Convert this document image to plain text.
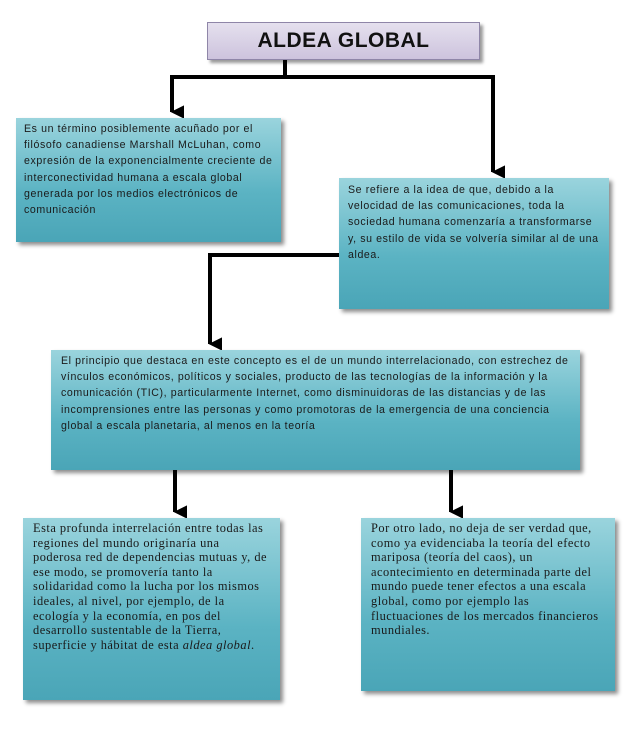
ALDEA GLOBAL

Es un término posiblemente acuñado por el filósofo canadiense Marshall McLuhan, como expresión de la exponencialmente creciente de interconectividad humana a escala global generada por los medios electrónicos de comunicación

Se refiere a la idea de que, debido a la velocidad de las comunicaciones, toda la sociedad humana comenzaría a transformarse y, su estilo de vida se volvería similar al de una aldea.

El principio que destaca en este concepto es el de un mundo interrelacionado, con estrechez de vínculos económicos, políticos y sociales, producto de las tecnologías de la información y la comunicación (TIC), particularmente Internet, como disminuidoras de las distancias y de las incomprensiones entre las personas y como promotoras de la emergencia de una conciencia global a escala planetaria, al menos en la teoría

Esta profunda interrelación entre todas las regiones del mundo originaría una poderosa red de dependencias mutuas y, de ese modo, se promovería tanto la solidaridad como la lucha por los mismos ideales, al nivel, por ejemplo, de la ecología y la economía, en pos del desarrollo sustentable de la Tierra, superficie y hábitat de esta aldea global.

Por otro lado, no deja de ser verdad que, como ya evidenciaba la teoría del efecto mariposa (teoría del caos), un acontecimiento en determinada parte del mundo puede tener efectos a una escala global, como por ejemplo las fluctuaciones de los mercados financieros mundiales.
